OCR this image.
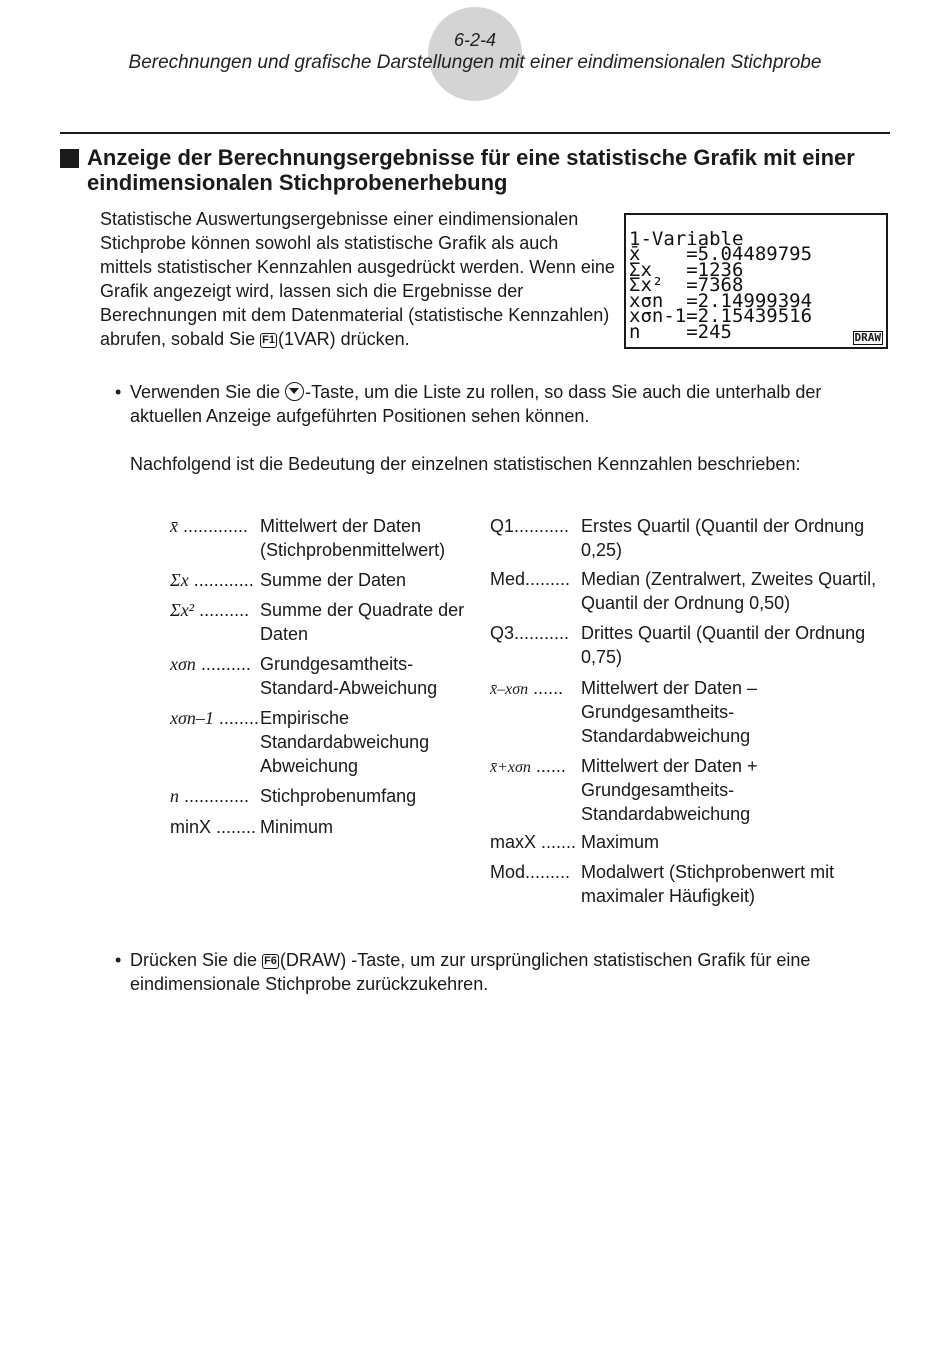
6-2-4
Berechnungen und grafische Darstellungen mit einer eindimensionalen Stichprobe
Anzeige der Berechnungsergebnisse für eine statistische Grafik mit einer eindimensionalen Stichprobenerhebung
Statistische Auswertungsergebnisse einer eindimensionalen Stichprobe können sowohl als statistische Grafik als auch mittels statistischer Kennzahlen ausgedrückt werden. Wenn eine Grafik angezeigt wird, lassen sich die Ergebnisse der Berechnungen mit dem Datenmaterial (statistische Kennzahlen) abrufen, sobald Sie F1 (1VAR) drücken.

1-Variable
x̄    =5.04489795
Σx   =1236
Σx²  =7368
xσn  =2.14999394
xσn-1=2.15439516
n    =245	DRAW
• Verwenden Sie die -Taste, um die Liste zu rollen, so dass Sie auch die unterhalb der aktuellen Anzeige aufgeführten Positionen sehen können.
Nachfolgend ist die Bedeutung der einzelnen statistischen Kennzahlen beschrieben:
x̄ ............. Mittelwert der Daten (Stichprobenmittelwert)
Σx ............ Summe der Daten
Σx² .......... Summe der Quadrate der Daten
xσn .......... Grundgesamtheits-Standard-Abweichung
xσn–1 ........ Empirische Standardabweichung Abweichung
n ............. Stichprobenumfang
minX ........ Minimum
Q1........... Erstes Quartil (Quantil der Ordnung 0,25)
Med......... Median (Zentralwert, Zweites Quartil, Quantil der Ordnung 0,50)
Q3........... Drittes Quartil (Quantil der Ordnung 0,75)
x̄–xσn ...... Mittelwert der Daten – Grundgesamtheits-Standardabweichung
x̄+xσn ...... Mittelwert der Daten + Grundgesamtheits-Standardabweichung
maxX ....... Maximum
Mod......... Modalwert (Stichprobenwert mit maximaler Häufigkeit)
• Drücken Sie die F6 (DRAW) -Taste, um zur ursprünglichen statistischen Grafik für eine eindimensionale Stichprobe zurückzukehren.
